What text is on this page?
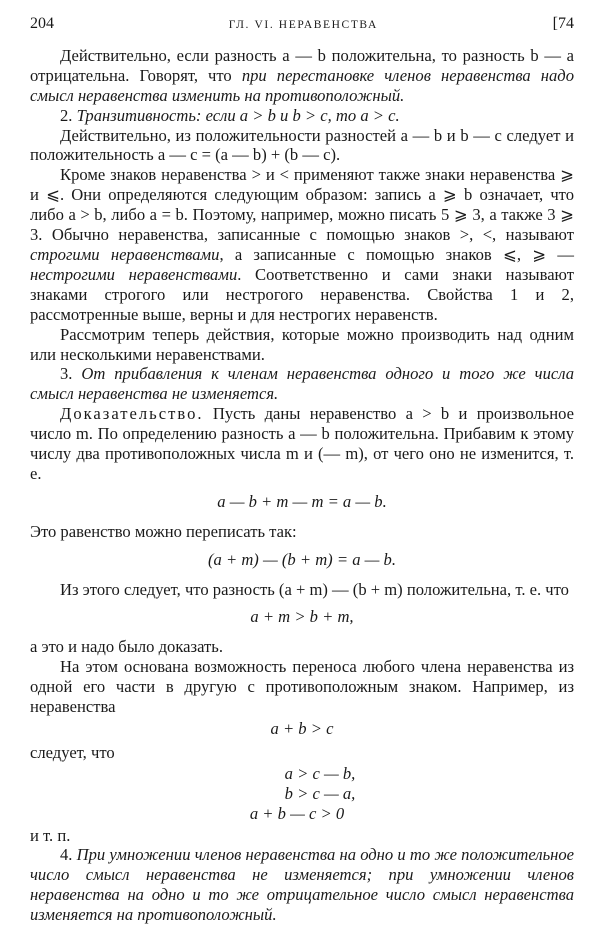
204	ГЛ. VI. НЕРАВЕНСТВА	[74

Действительно, если разность a — b положительна, то разность b — a отрицательна. Говорят, что при перестановке членов неравенства надо смысл неравенства изменить на противоположный.

2. Транзитивность: если a > b и b > c, то a > c.

Действительно, из положительности разностей a — b и b — c следует и положительность a — c = (a — b) + (b — c).

Кроме знаков неравенства > и < применяют также знаки неравенства ⩾ и ⩽. Они определяются следующим образом: запись a ⩾ b означает, что либо a > b, либо a = b. Поэтому, например, можно писать 5 ⩾ 3, а также 3 ⩾ 3. Обычно неравенства, записанные с помощью знаков >, <, называют строгими неравенствами, а записанные с помощью знаков ⩽, ⩾ — нестрогими неравенствами. Соответственно и сами знаки называют знаками строгого или нестрогого неравенства. Свойства 1 и 2, рассмотренные выше, верны и для нестрогих неравенств.

Рассмотрим теперь действия, которые можно производить над одним или несколькими неравенствами.

3. От прибавления к членам неравенства одного и того же числа смысл неравенства не изменяется.

Доказательство. Пусть даны неравенство a > b и произвольное число m. По определению разность a — b положительна. Прибавим к этому числу два противоположных числа m и (— m), от чего оно не изменится, т. е.

a — b + m — m = a — b.

Это равенство можно переписать так:

(a + m) — (b + m) = a — b.

Из этого следует, что разность (a + m) — (b + m) положительна, т. е. что

a + m > b + m,

а это и надо было доказать.

На этом основана возможность переноса любого члена неравенства из одной его части в другую с противоположным знаком. Например, из неравенства

a + b > c

следует, что

a > c — b,
b > c — a,
a + b — c > 0

и т. п.

4. При умножении членов неравенства на одно и то же положительное число смысл неравенства не изменяется; при умножении членов неравенства на одно и то же отрицательное число смысл неравенства изменяется на противоположный.
